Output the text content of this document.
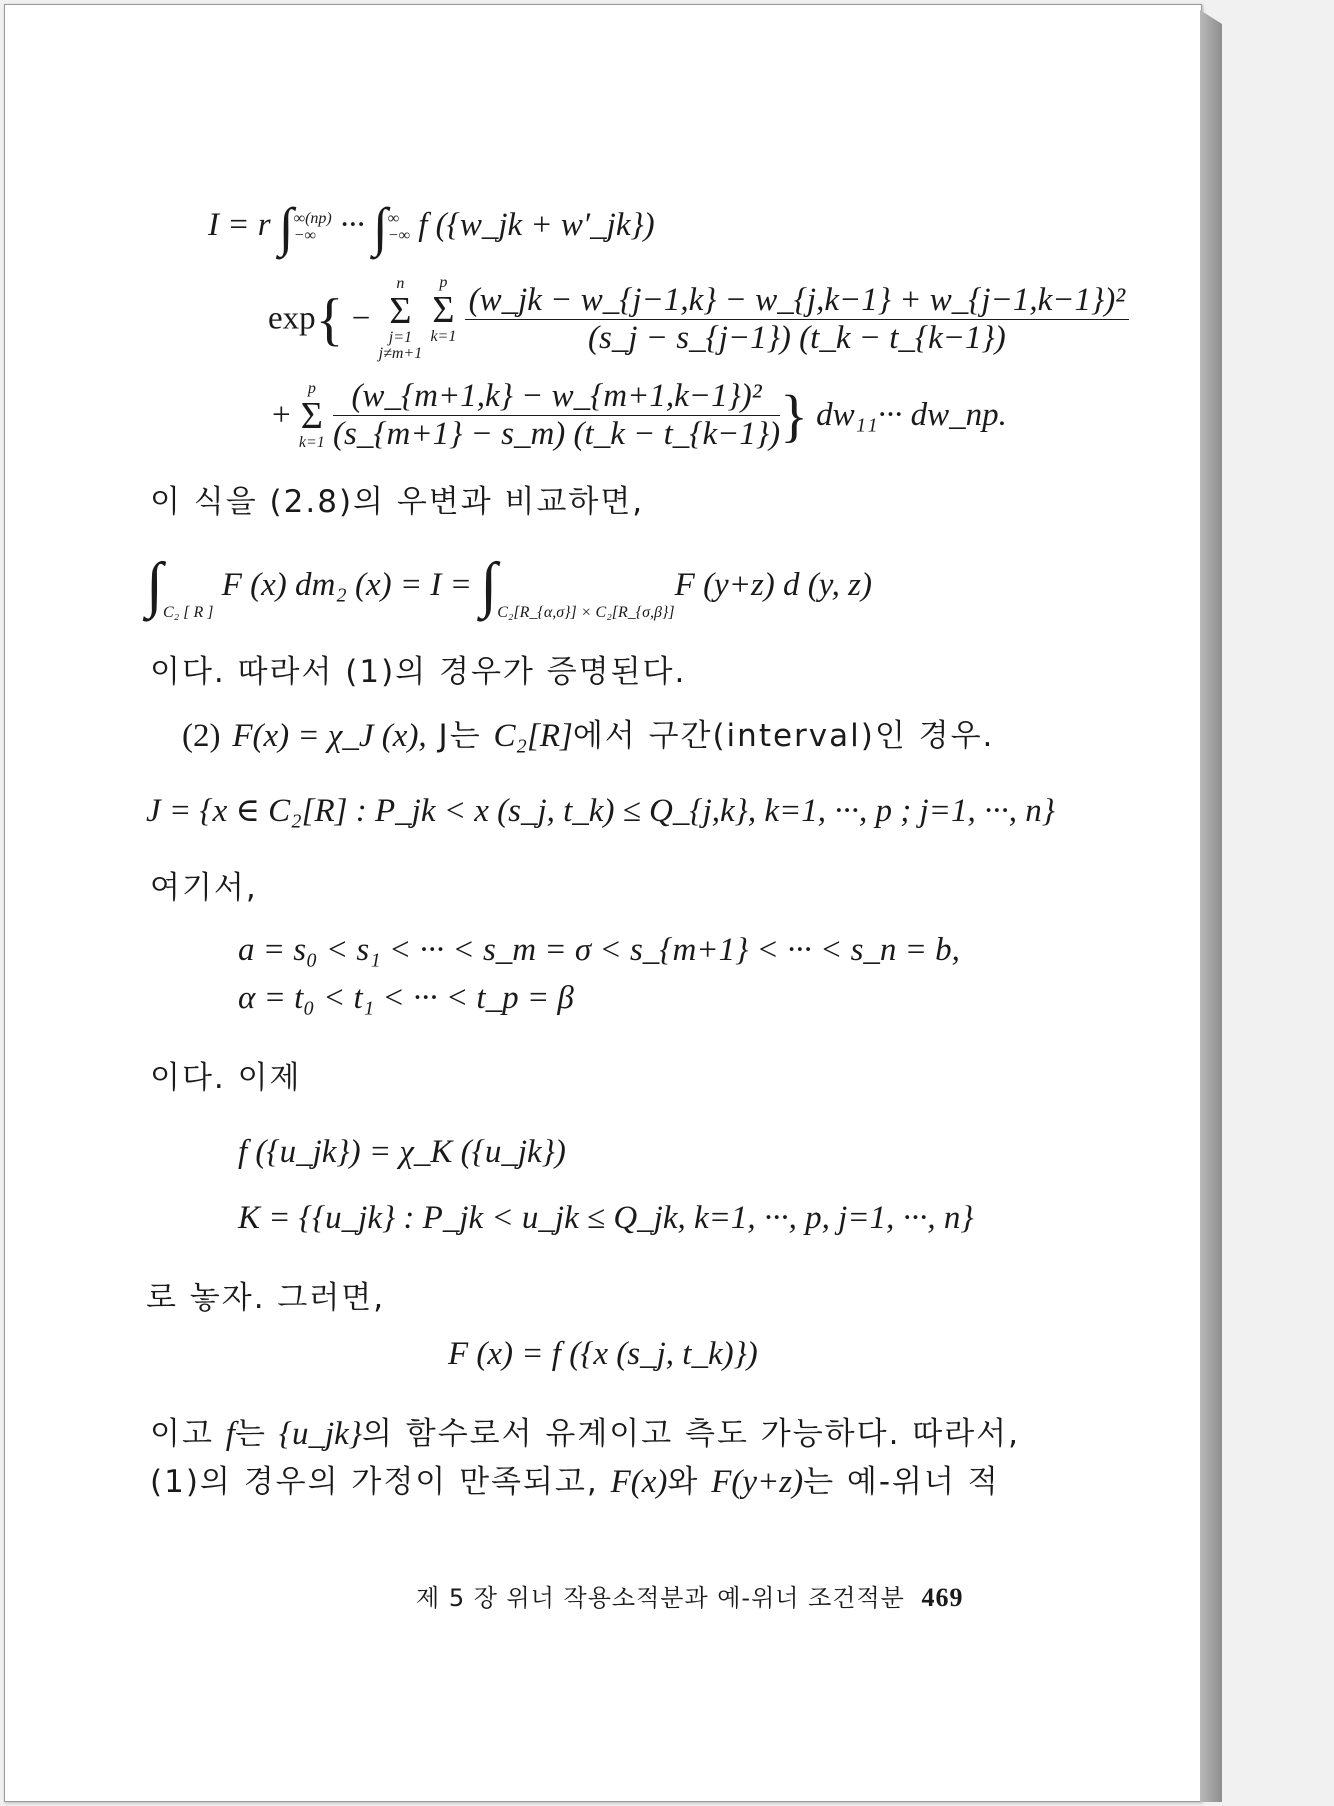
I = r ∫ ∞(np)
−∞ ··· ∫ ∞
−∞ f ({w_jk + w′_jk})
exp{ −
n
Σ
j=1
j≠m+1

p
Σ
k=1
$\frac{\text{(w\_jk − w\_\{j−1,k\} − w\_\{j,k−1\} + w\_\{j−1,k−1\})²}}{(s\_j - s\_\{j-1\}) (t\_k - t\_\{k-1\})}$
+
p
Σ
k=1
$\frac{\text{(w\_\{m+1,k\} − w\_\{m+1,k−1\})²}}{(s\_\{m+1\} - s\_m) (t\_k - t\_\{k-1\})}$ } dw₁₁··· dw_np.
이 식을 (2.8)의 우변과 비교하면,
$\int_{C_2 [ R ]}$ F (x) dm₂ $(x) = I = \int_{C_2[R\_\{\alpha,\sigma\}] \times C_2[R\_\{\sigma,\beta\}]}F$ (y+z) d (y, z)
이다. 따라서 (1)의 경우가 증명된다.
(2) F(x) = χ_J (x), J는 C₂[R]에서 구간(interval)인 경우.
J = {x ∈ C₂[R] : P_jk < x (s_j, t_k) ≤ Q_{j,k}, k=1, ···, p ; j=1, ···, n}
여기서,
a = s₀ < s₁ < ··· < s_m = σ < s_{m+1} < ··· < s_n = b,
α = t₀ < t₁ < ··· < t_p = β
이다. 이제
f ({u_jk}) = χ_K ({u_jk})
K = {{u_jk} : P_jk < u_jk ≤ Q_jk, k=1, ···, p, j=1, ···, n}
로 놓자. 그러면,
F (x) = f ({x (s_j, t_k)})
이고 f는 {u_jk}의 함수로서 유계이고 측도 가능하다. 따라서,
(1)의 경우의 가정이 만족되고, F(x)와 F(y+z)는 예-위너 적
제 5 장 위너 작용소적분과 예-위너 조건적분 469
